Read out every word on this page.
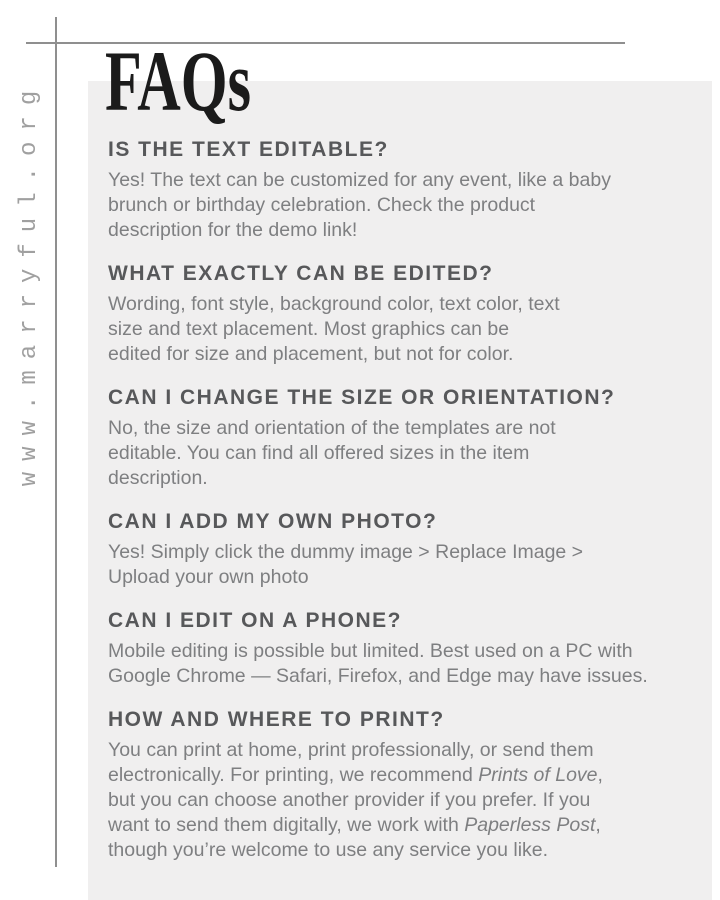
www.marryful.org FAQs
IS THE TEXT EDITABLE?
Yes! The text can be customized for any event, like a baby
brunch or birthday celebration. Check the product
description for the demo link!
WHAT EXACTLY CAN BE EDITED?
Wording, font style, background color, text color, text
size and text placement. Most graphics can be
edited for size and placement, but not for color.
CAN I CHANGE THE SIZE OR ORIENTATION?
No, the size and orientation of the templates are not
editable. You can find all offered sizes in the item
description.
CAN I ADD MY OWN PHOTO?
Yes! Simply click the dummy image > Replace Image >
Upload your own photo
CAN I EDIT ON A PHONE?
Mobile editing is possible but limited. Best used on a PC with
Google Chrome — Safari, Firefox, and Edge may have issues.
HOW AND WHERE TO PRINT?
You can print at home, print professionally, or send them
electronically. For printing, we recommend Prints of Love,
but you can choose another provider if you prefer. If you
want to send them digitally, we work with Paperless Post,
though you’re welcome to use any service you like.
